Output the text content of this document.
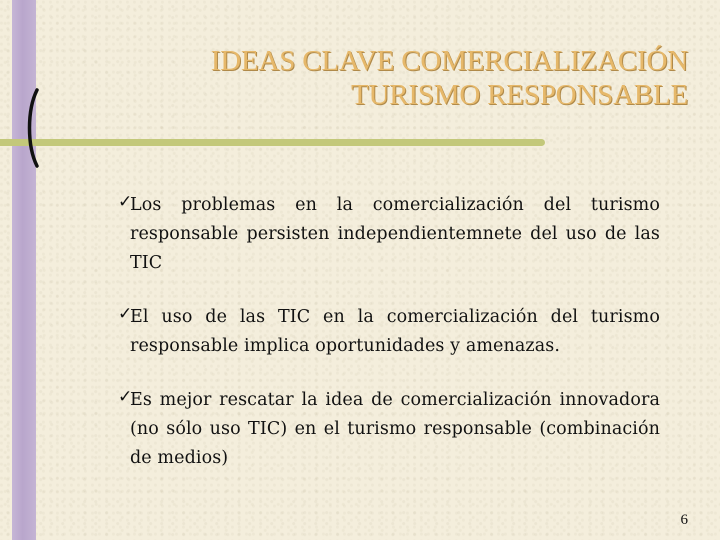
IDEAS CLAVE COMERCIALIZACIÓN
TURISMO RESPONSABLE
✓
Los problemas en la comercialización del turismo responsable persisten independientemnete del uso de las TIC
✓
El uso de las TIC en la comercialización del turismo responsable implica oportunidades y amenazas.
✓
Es mejor rescatar la idea de comercialización innovadora (no sólo uso TIC) en el turismo responsable (combinación de medios)
6
